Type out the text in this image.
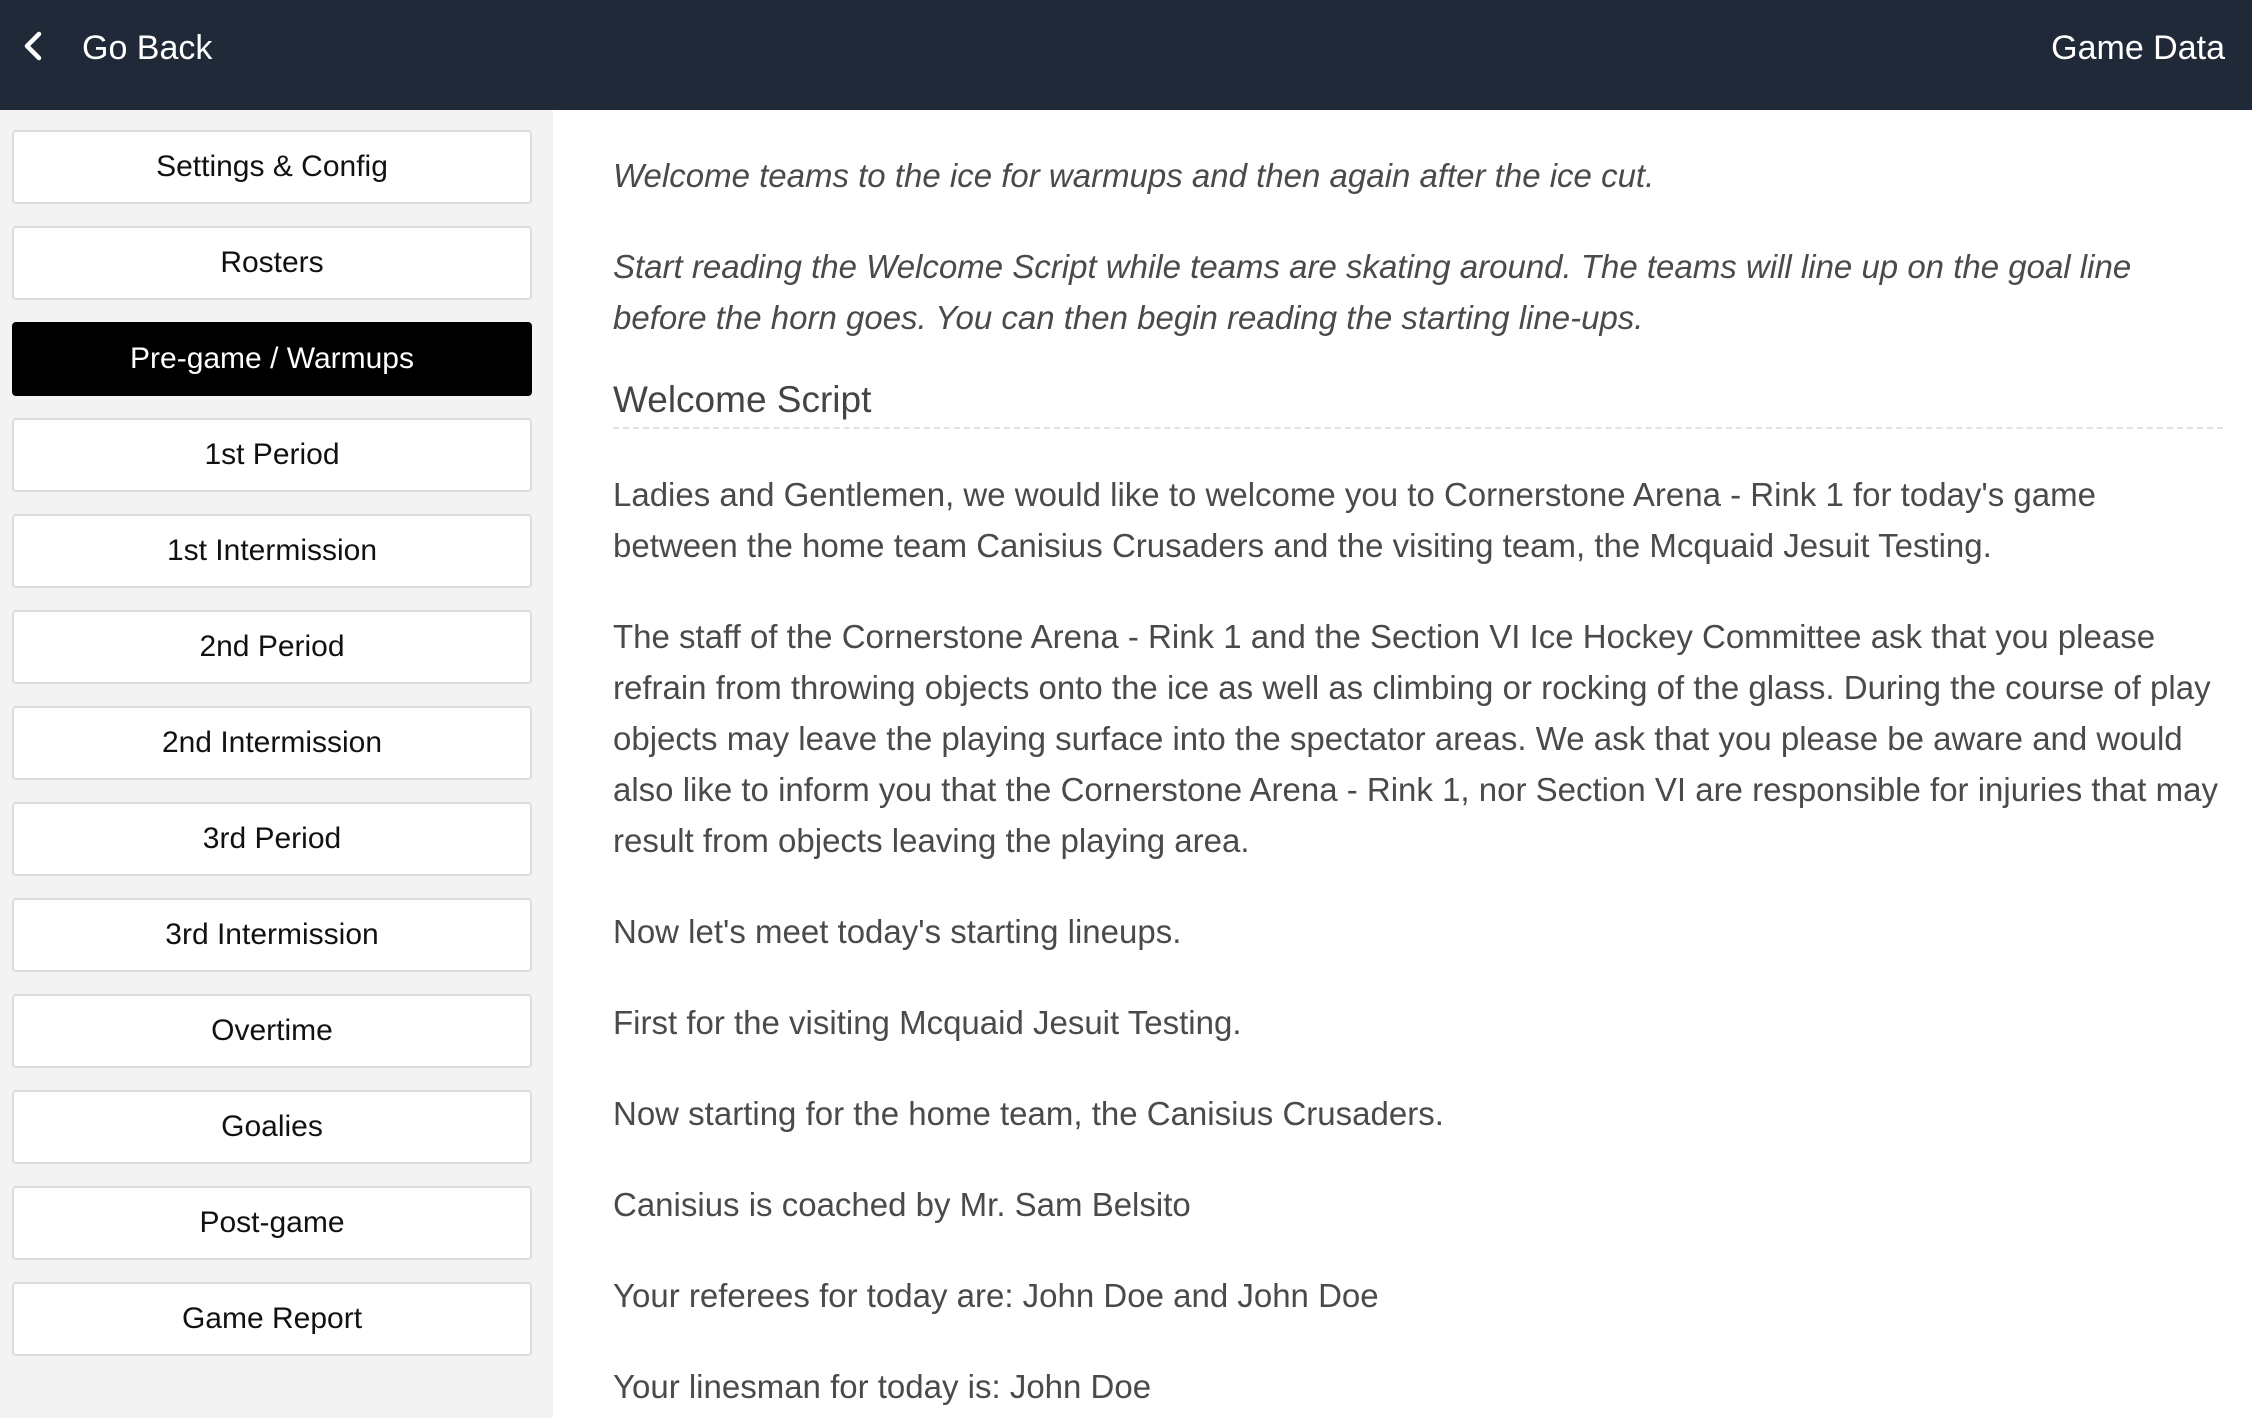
Go Back	Game Data
Settings & Config
Rosters
Pre-game / Warmups
1st Period
1st Intermission
2nd Period
2nd Intermission
3rd Period
3rd Intermission
Overtime
Goalies
Post-game
Game Report

Welcome teams to the ice for warmups and then again after the ice cut.

Start reading the Welcome Script while teams are skating around. The teams will line up on the goal line before the horn goes. You can then begin reading the starting line-ups.

Welcome Script

Ladies and Gentlemen, we would like to welcome you to Cornerstone Arena - Rink 1 for today's game between the home team Canisius Crusaders and the visiting team, the Mcquaid Jesuit Testing.

The staff of the Cornerstone Arena - Rink 1 and the Section VI Ice Hockey Committee ask that you please refrain from throwing objects onto the ice as well as climbing or rocking of the glass. During the course of play objects may leave the playing surface into the spectator areas. We ask that you please be aware and would also like to inform you that the Cornerstone Arena - Rink 1, nor Section VI are responsible for injuries that may result from objects leaving the playing area.

Now let's meet today's starting lineups.

First for the visiting Mcquaid Jesuit Testing.

Now starting for the home team, the Canisius Crusaders.

Canisius is coached by Mr. Sam Belsito

Your referees for today are: John Doe and John Doe

Your linesman for today is: John Doe
